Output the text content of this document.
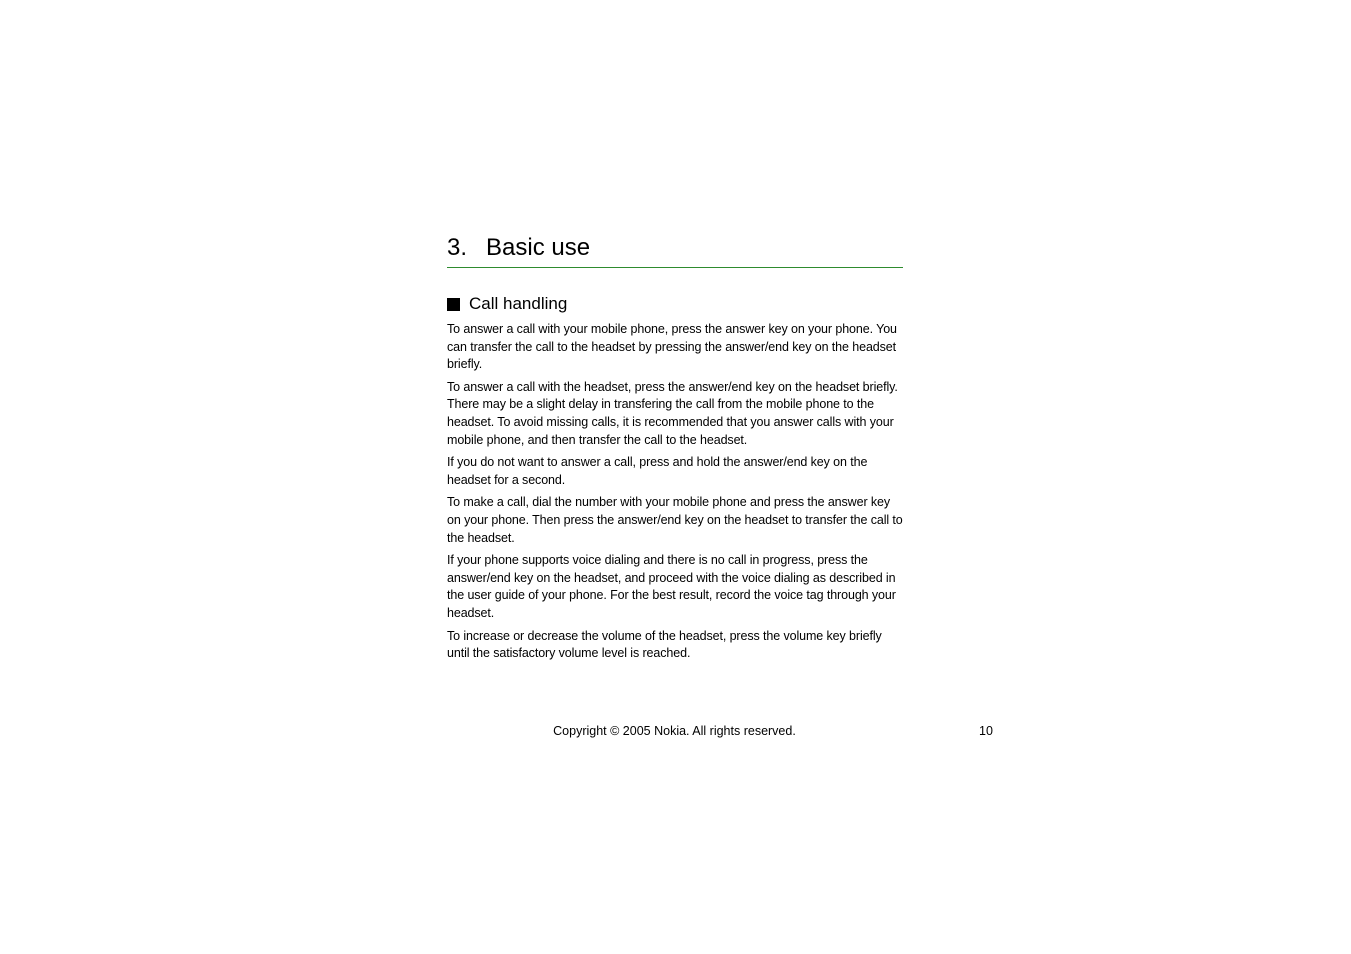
3. Basic use
Call handling

To answer a call with your mobile phone, press the answer key on your phone. You can transfer the call to the headset by pressing the answer/end key on the headset briefly.

To answer a call with the headset, press the answer/end key on the headset briefly. There may be a slight delay in transfering the call from the mobile phone to the headset. To avoid missing calls, it is recommended that you answer calls with your mobile phone, and then transfer the call to the headset.

If you do not want to answer a call, press and hold the answer/end key on the headset for a second.

To make a call, dial the number with your mobile phone and press the answer key on your phone. Then press the answer/end key on the headset to transfer the call to the headset.

If your phone supports voice dialing and there is no call in progress, press the answer/end key on the headset, and proceed with the voice dialing as described in the user guide of your phone. For the best result, record the voice tag through your headset.

To increase or decrease the volume of the headset, press the volume key briefly until the satisfactory volume level is reached.

Copyright © 2005 Nokia. All rights reserved.	10
